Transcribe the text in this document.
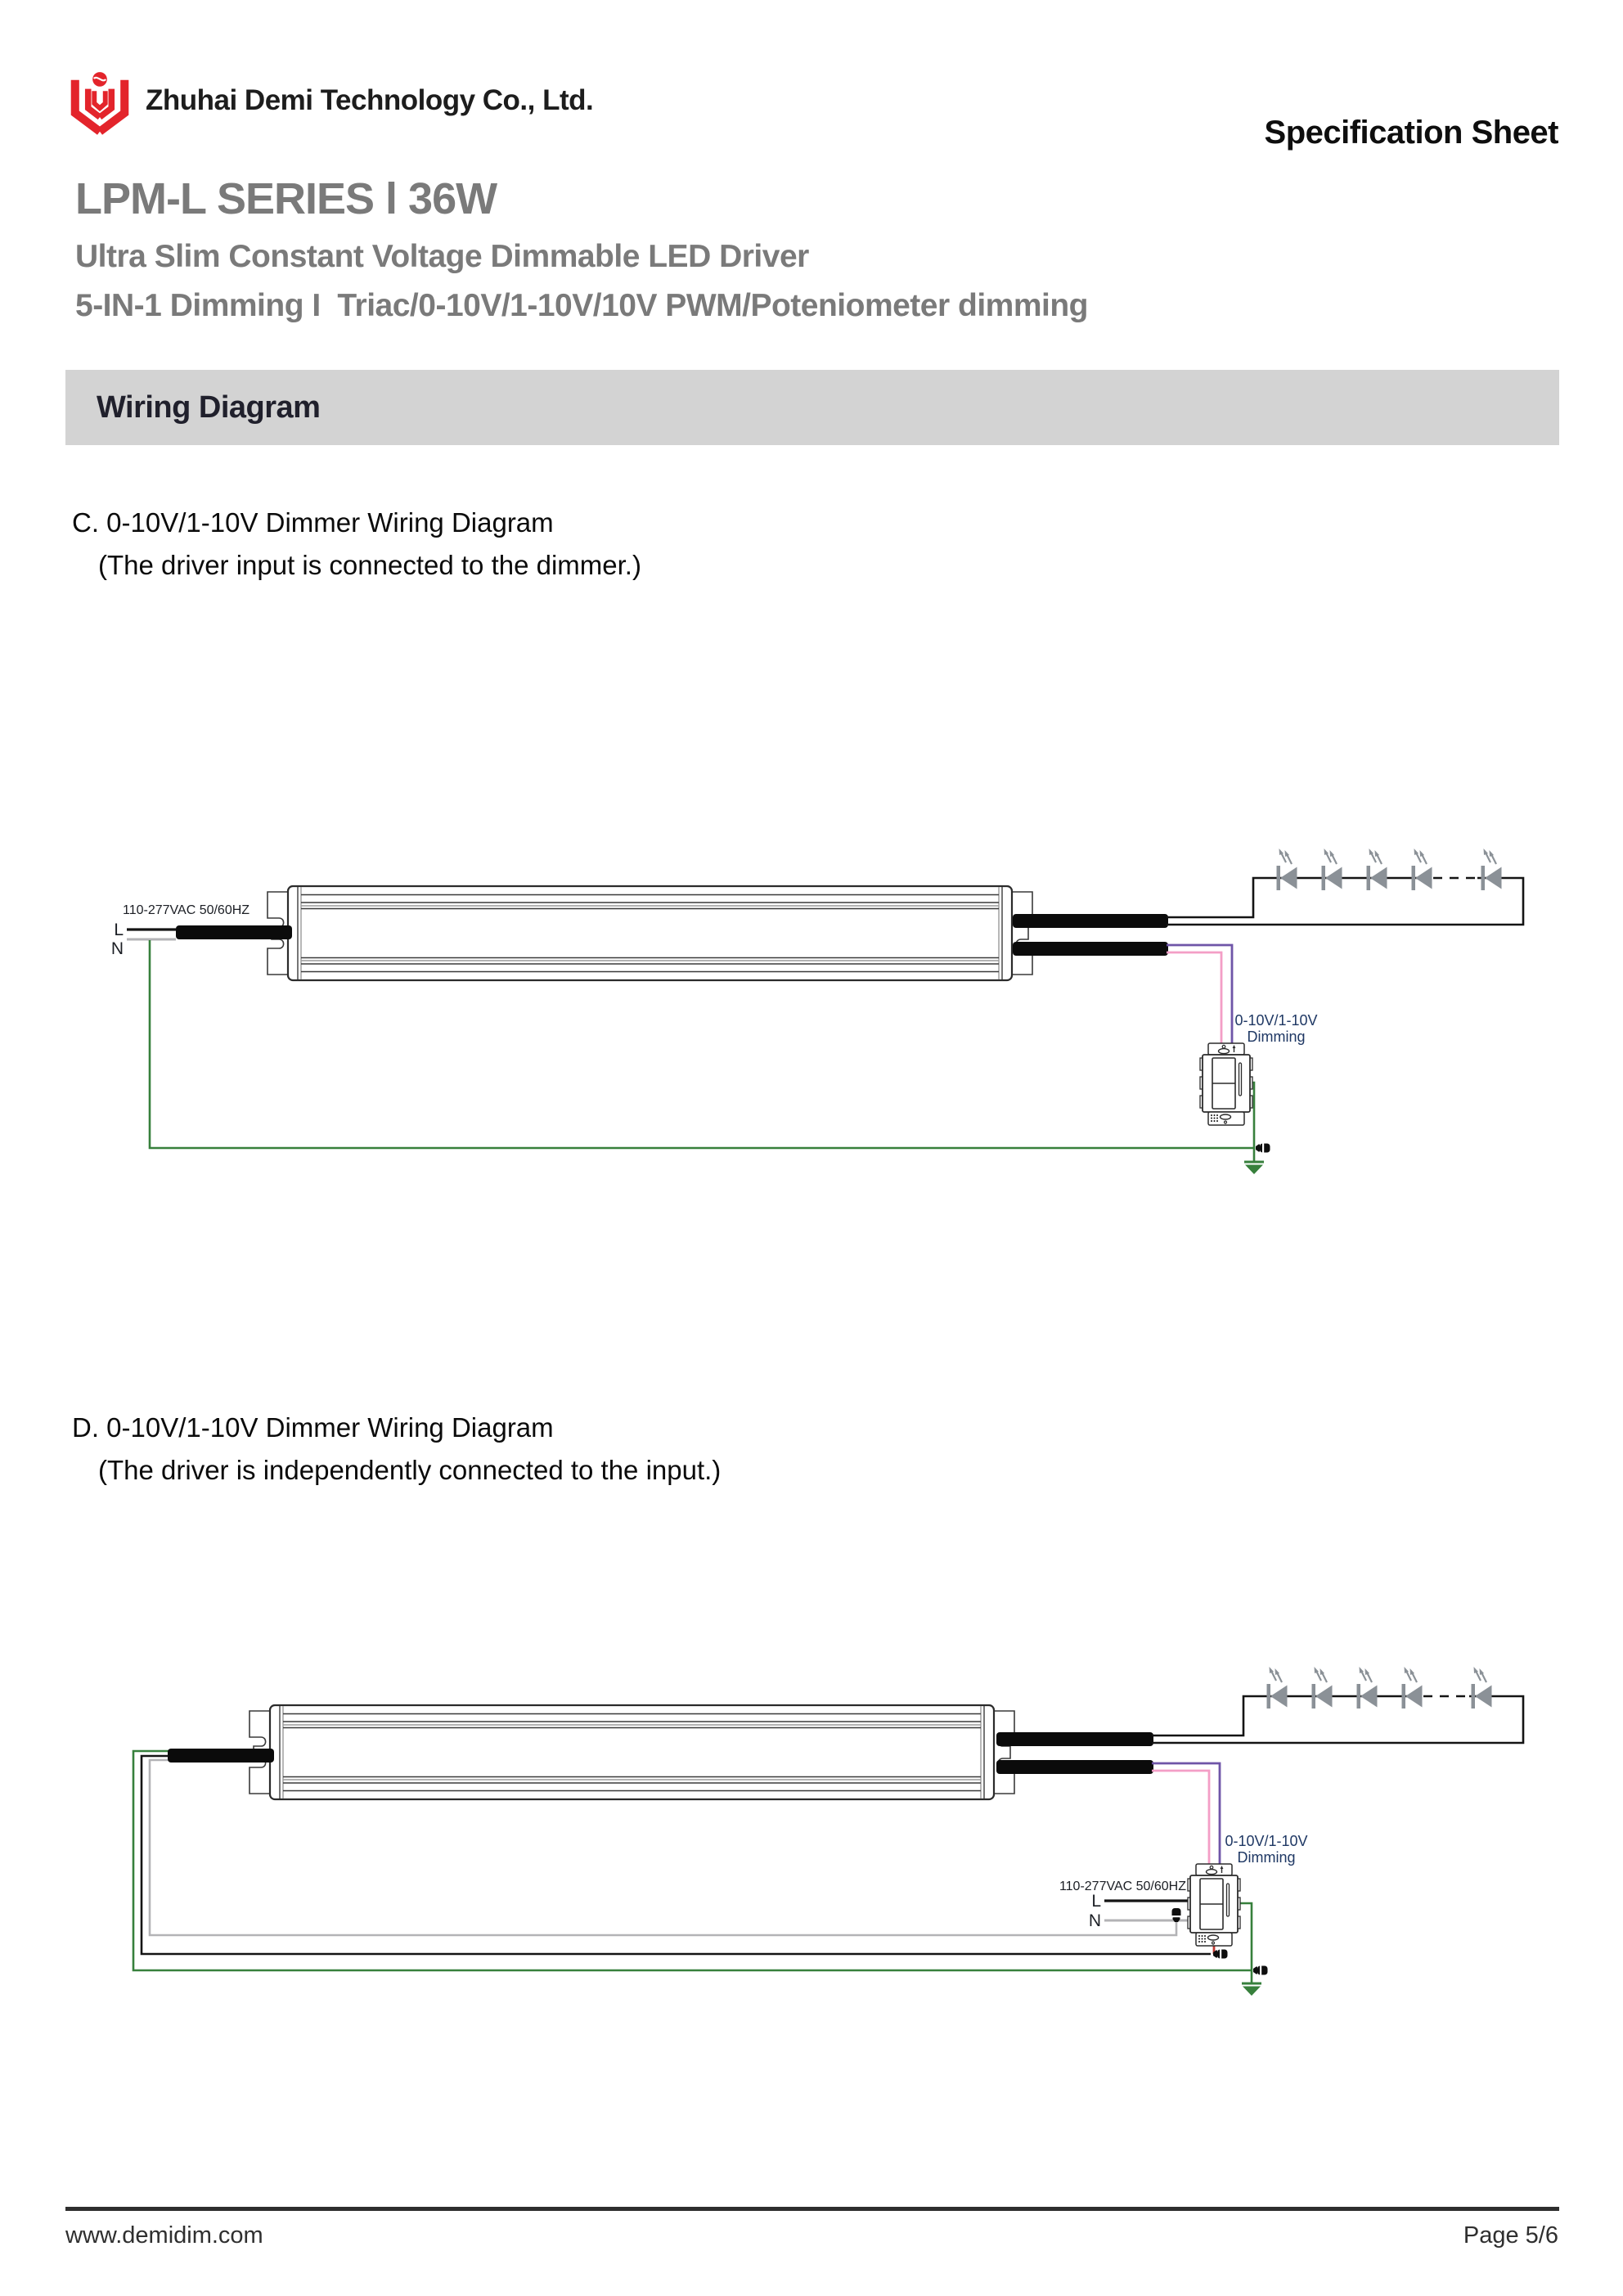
Zhuhai Demi Technology Co., Ltd.
Specification Sheet
LPM-L SERIES l 36W
Ultra Slim Constant Voltage Dimmable LED Driver
5-IN-1 Dimming I  Triac/0-10V/1-10V/10V PWM/Poteniometer dimming
Wiring Diagram
C. 0-10V/1-10V Dimmer Wiring Diagram
(The driver input is connected to the dimmer.)
110-277VAC 50/60HZ
L
N
0-10V/1-10V
Dimming
D. 0-10V/1-10V Dimmer Wiring Diagram
(The driver is independently connected to the input.)
0-10V/1-10V
Dimming
110-277VAC 50/60HZ
L
N
www.demidim.com	Page 5/6
